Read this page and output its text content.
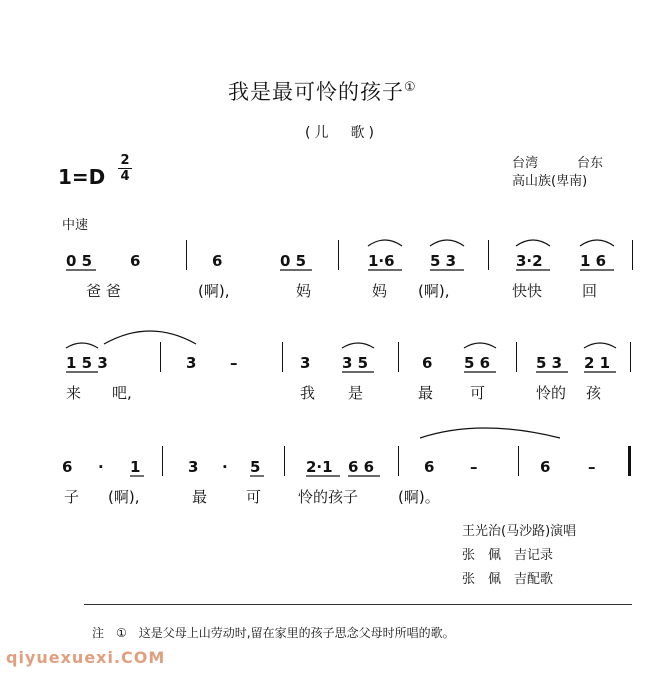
我是最可怜的孩子①
(儿　歌)
1=D
2
4
台湾　　　台东
高山族(卑南)
中速
0 5	6	6	0 5	1·6 5 3	3·2 1 6
爸 爸	(啊),	妈	妈 (啊),	快快	回
1 5 3	3 –	3 3 5	6 5 6	5 3 2 1
来 吧,	我 是	最 可	怜的 孩
6 · 1	3 · 5	2·1 6 6	6 –	6	–
子 (啊),	最	可 怜的孩子	(啊)。
王光治(马沙路)演唱
张　佩　吉记录
张　佩　吉配歌
注　①　这是父母上山劳动时,留在家里的孩子思念父母时所唱的歌。
qiyuexuexi.COM
